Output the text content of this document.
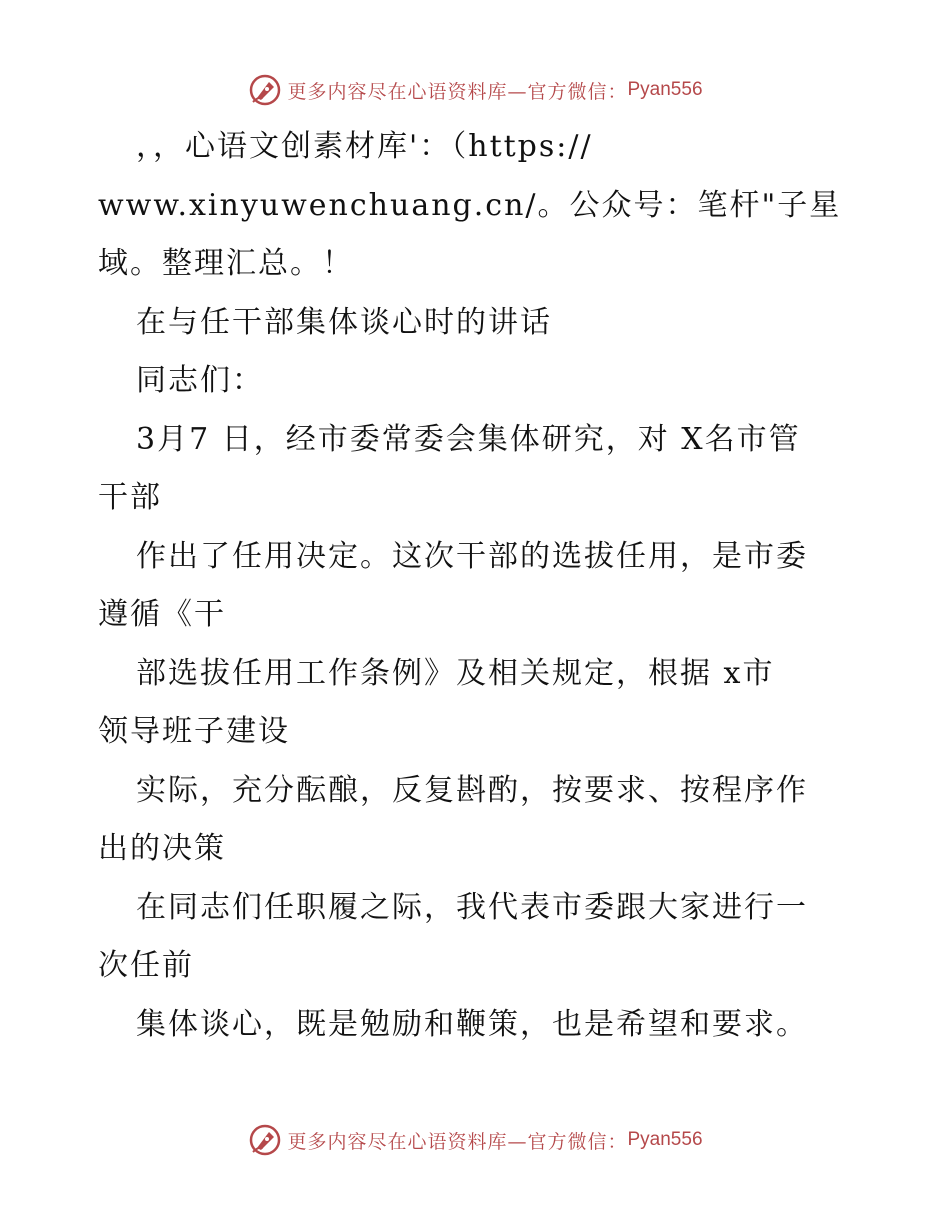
更多内容尽在心语资料库—官方微信： Pyan556
，，心语文创素材库'：（https://
www.xinyuwenchuang.cn/。公众号：笔杆"子星
域。整理汇总。！
在与任干部集体谈心时的讲话
同志们：
3月7 日，经市委常委会集体研究，对 X名市管
干部
作出了任用决定。这次干部的选拔任用，是市委
遵循《干
部选拔任用工作条例》及相关规定，根据 x市
领导班子建设
实际，充分酝酿，反复斟酌，按要求、按程序作
出的决策
在同志们任职履之际，我代表市委跟大家进行一
次任前
集体谈心，既是勉励和鞭策，也是希望和要求。
更多内容尽在心语资料库—官方微信： Pyan556
